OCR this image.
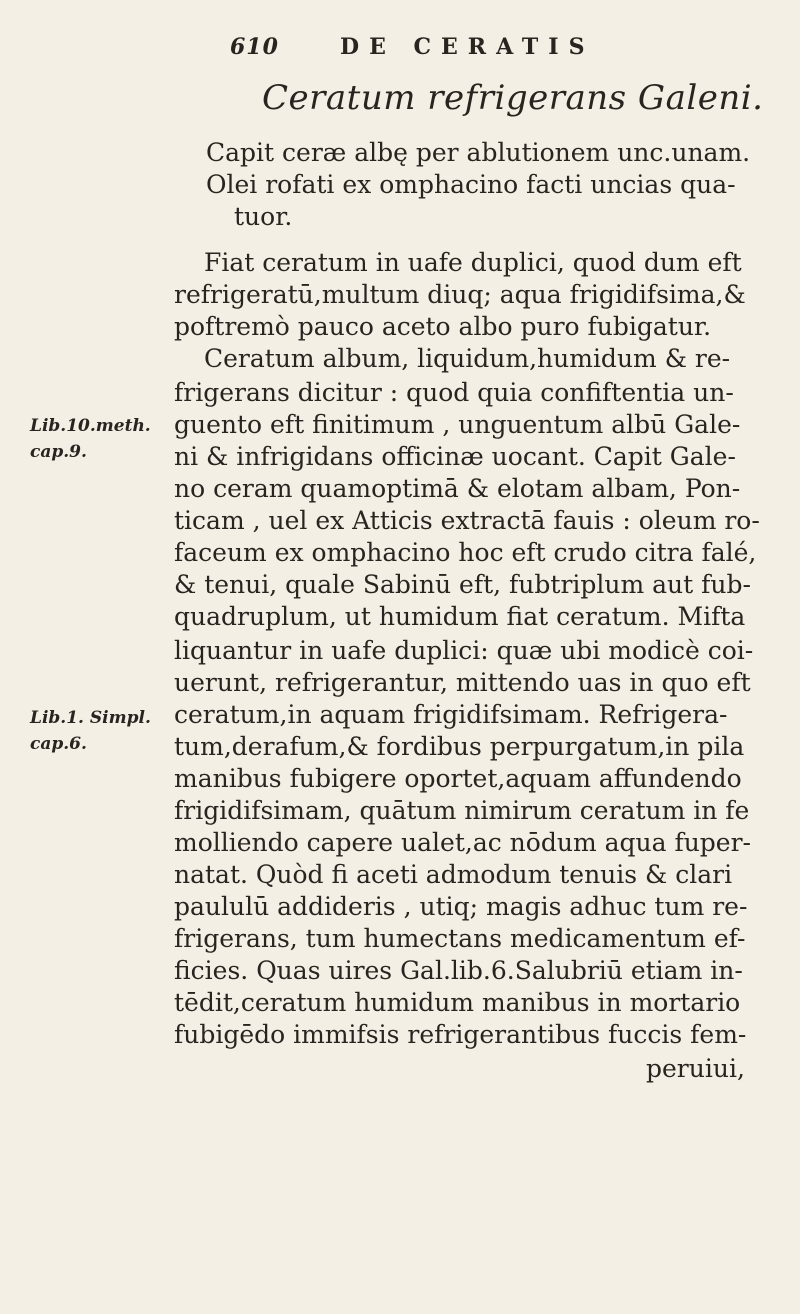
610	DE CERATIS
Ceratum refrigerans Galeni.
Capit ceræ albę per ablutionem unc.unam.
Olei rofati ex omphacino facti uncias qua-
tuor.
Fiat ceratum in uafe duplici, quod dum eft
refrigeratū,multum diuq; aqua frigidifsima,&
poftremò pauco aceto albo puro fubigatur.
Ceratum album, liquidum,humidum & re-
frigerans dicitur : quod quia confiftentia un-
guento eft finitimum , unguentum albū Gale-
ni & infrigidans officinæ uocant. Capit Gale-
no ceram quamoptimā & elotam albam, Pon-
ticam , uel ex Atticis extractā fauis : oleum ro-
faceum ex omphacino hoc eft crudo citra falé,
& tenui, quale Sabinū eft, fubtriplum aut fub-
quadruplum, ut humidum fiat ceratum. Mifta
liquantur in uafe duplici: quæ ubi modicè coi-
uerunt, refrigerantur, mittendo uas in quo eft
ceratum,in aquam frigidifsimam. Refrigera-
tum,derafum,& fordibus perpurgatum,in pila
manibus fubigere oportet,aquam affundendo
frigidifsimam, quātum nimirum ceratum in fe
molliendo capere ualet,ac nōdum aqua fuper-
natat. Quòd fi aceti admodum tenuis & clari
paululū addideris , utiq; magis adhuc tum re-
frigerans, tum humectans medicamentum ef-
ficies. Quas uires Gal.lib.6.Salubriū etiam in-
tēdit,ceratum humidum manibus in mortario
fubigēdo immifsis refrigerantibus fuccis fem-
peruiui,
Lib.10.meth.
cap.9.
Lib.1. Simpl.
cap.6.
